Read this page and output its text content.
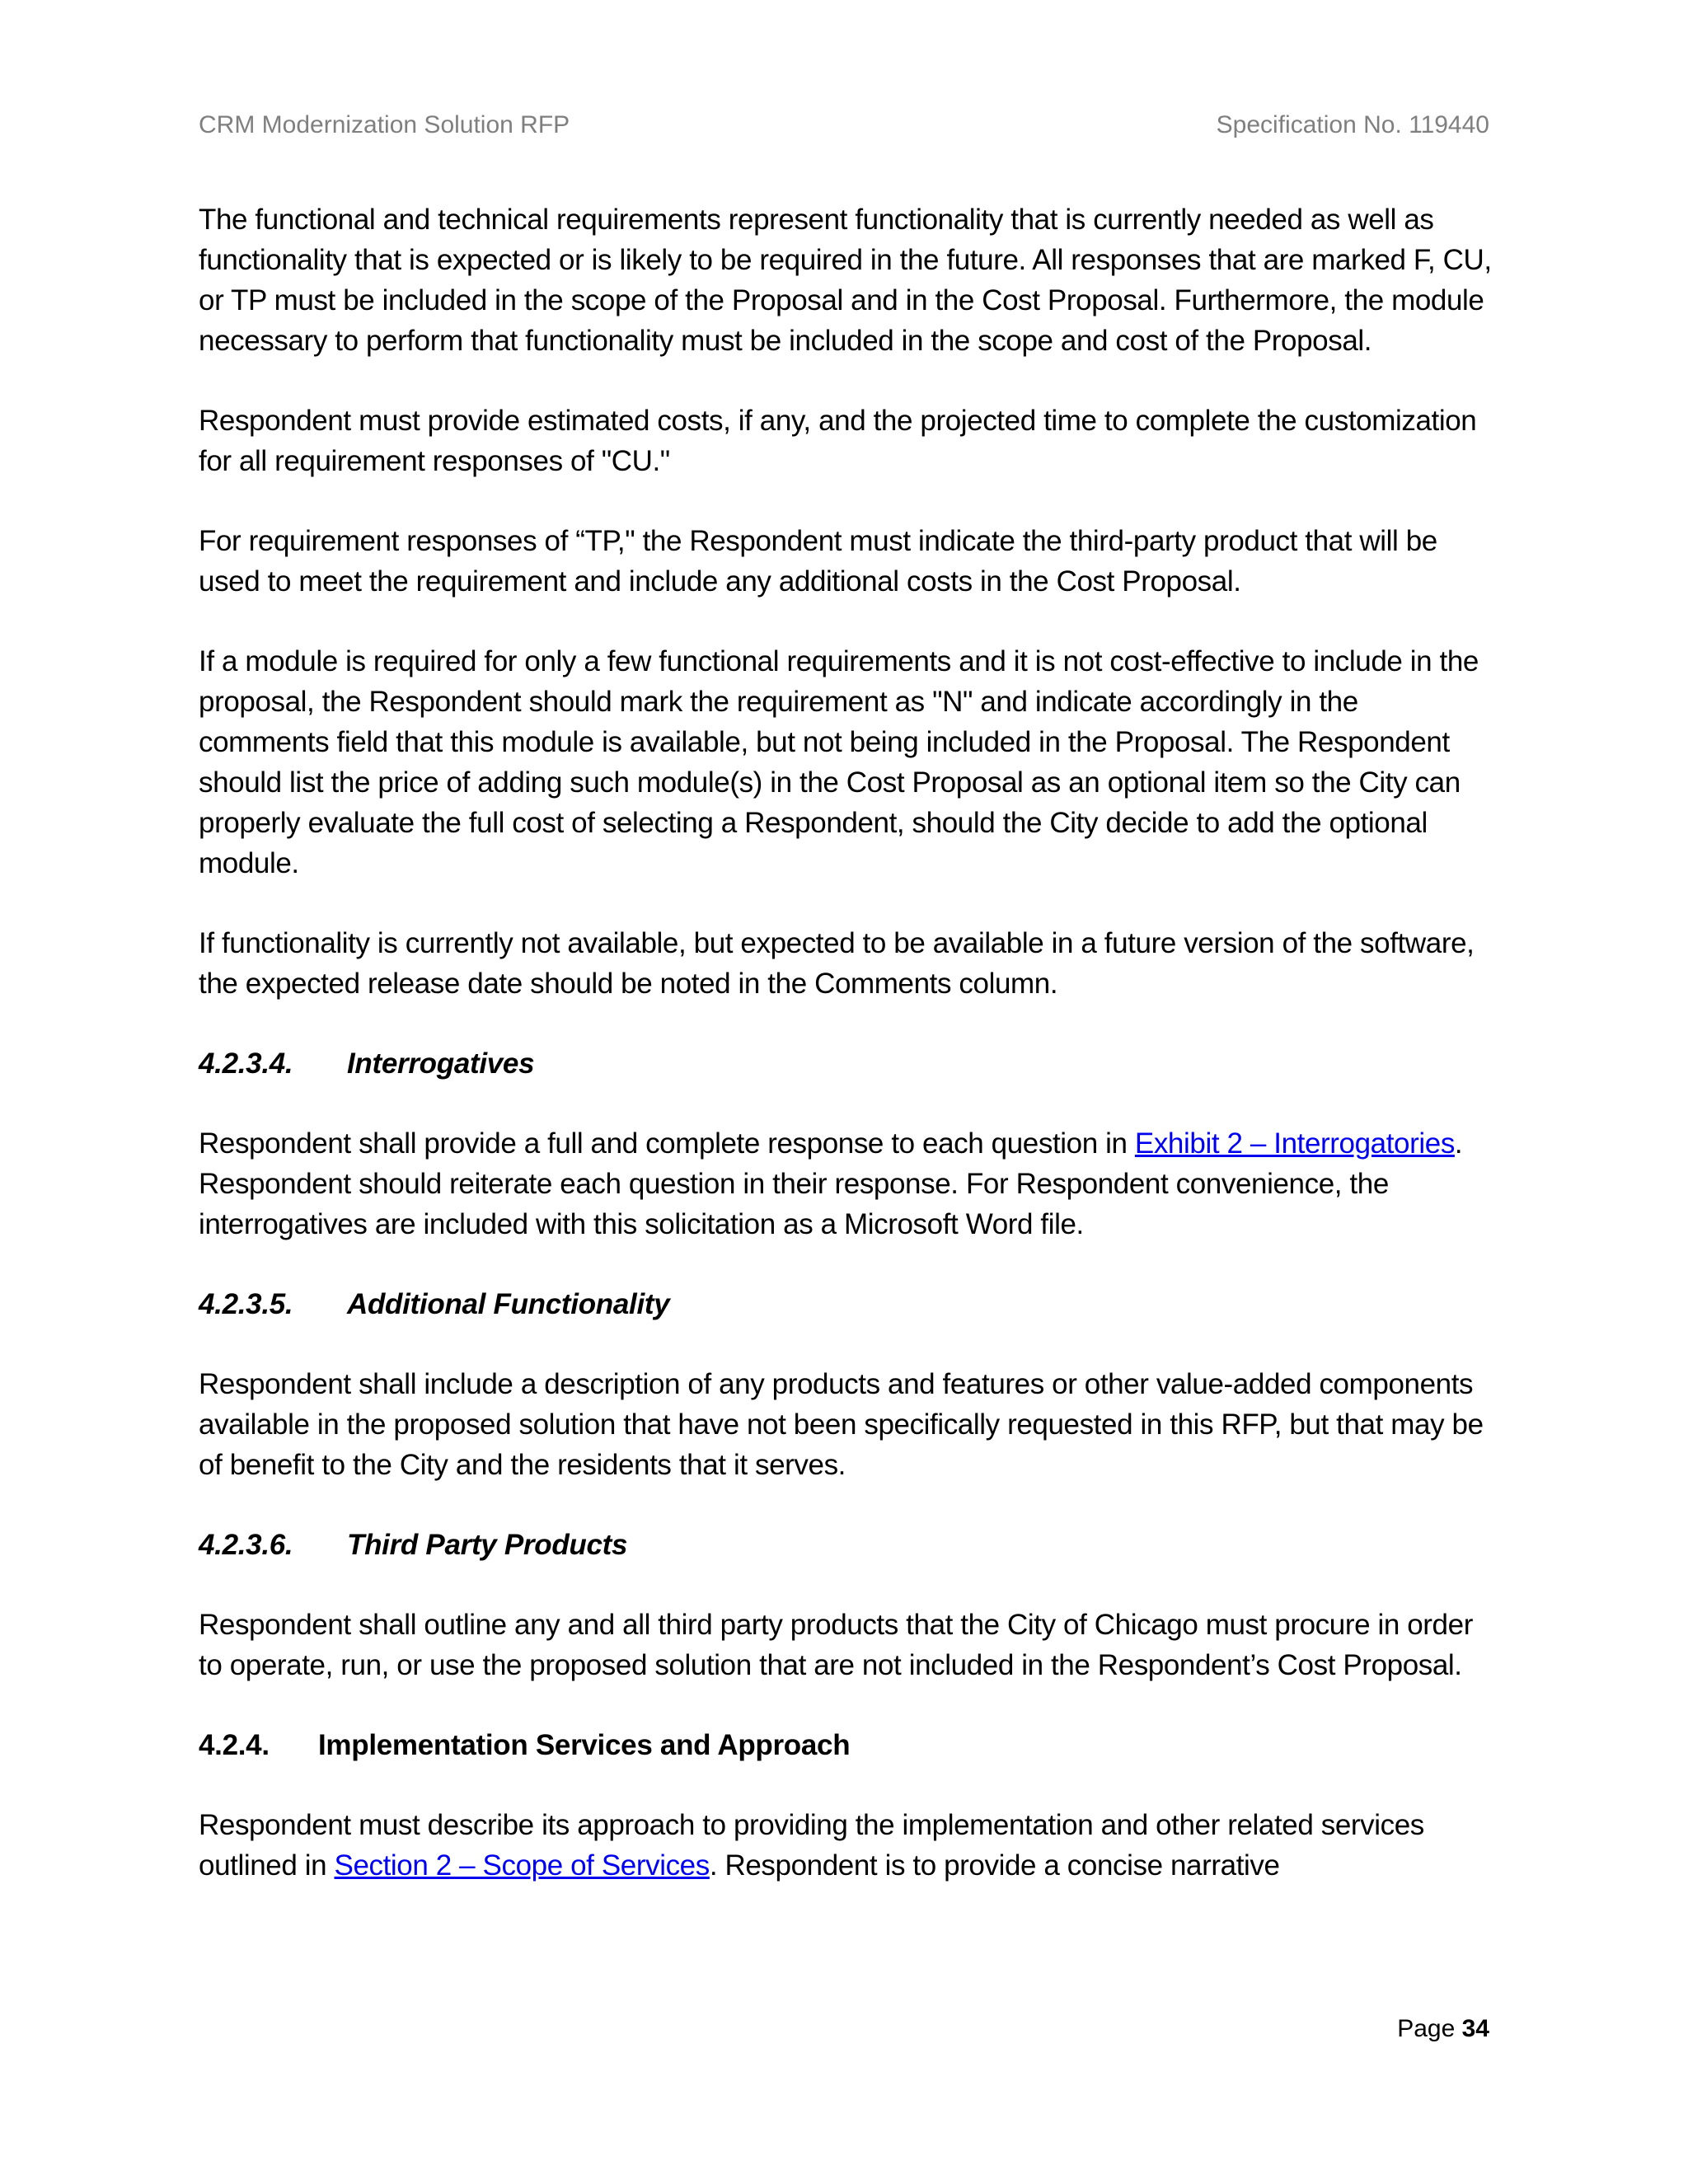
CRM Modernization Solution RFP	Specification No. 119440

The functional and technical requirements represent functionality that is currently needed as well as functionality that is expected or is likely to be required in the future. All responses that are marked F, CU, or TP must be included in the scope of the Proposal and in the Cost Proposal. Furthermore, the module necessary to perform that functionality must be included in the scope and cost of the Proposal.

Respondent must provide estimated costs, if any, and the projected time to complete the customization for all requirement responses of "CU."

For requirement responses of “TP," the Respondent must indicate the third-party product that will be used to meet the requirement and include any additional costs in the Cost Proposal.

If a module is required for only a few functional requirements and it is not cost-effective to include in the proposal, the Respondent should mark the requirement as "N" and indicate accordingly in the comments field that this module is available, but not being included in the Proposal. The Respondent should list the price of adding such module(s) in the Cost Proposal as an optional item so the City can properly evaluate the full cost of selecting a Respondent, should the City decide to add the optional module.

If functionality is currently not available, but expected to be available in a future version of the software, the expected release date should be noted in the Comments column.

4.2.3.4. Interrogatives

Respondent shall provide a full and complete response to each question in Exhibit 2 – Interrogatories. Respondent should reiterate each question in their response. For Respondent convenience, the interrogatives are included with this solicitation as a Microsoft Word file.

4.2.3.5. Additional Functionality

Respondent shall include a description of any products and features or other value-added components available in the proposed solution that have not been specifically requested in this RFP, but that may be of benefit to the City and the residents that it serves.

4.2.3.6. Third Party Products

Respondent shall outline any and all third party products that the City of Chicago must procure in order to operate, run, or use the proposed solution that are not included in the Respondent’s Cost Proposal.

4.2.4. Implementation Services and Approach

Respondent must describe its approach to providing the implementation and other related services outlined in Section 2 – Scope of Services. Respondent is to provide a concise narrative

Page 34
